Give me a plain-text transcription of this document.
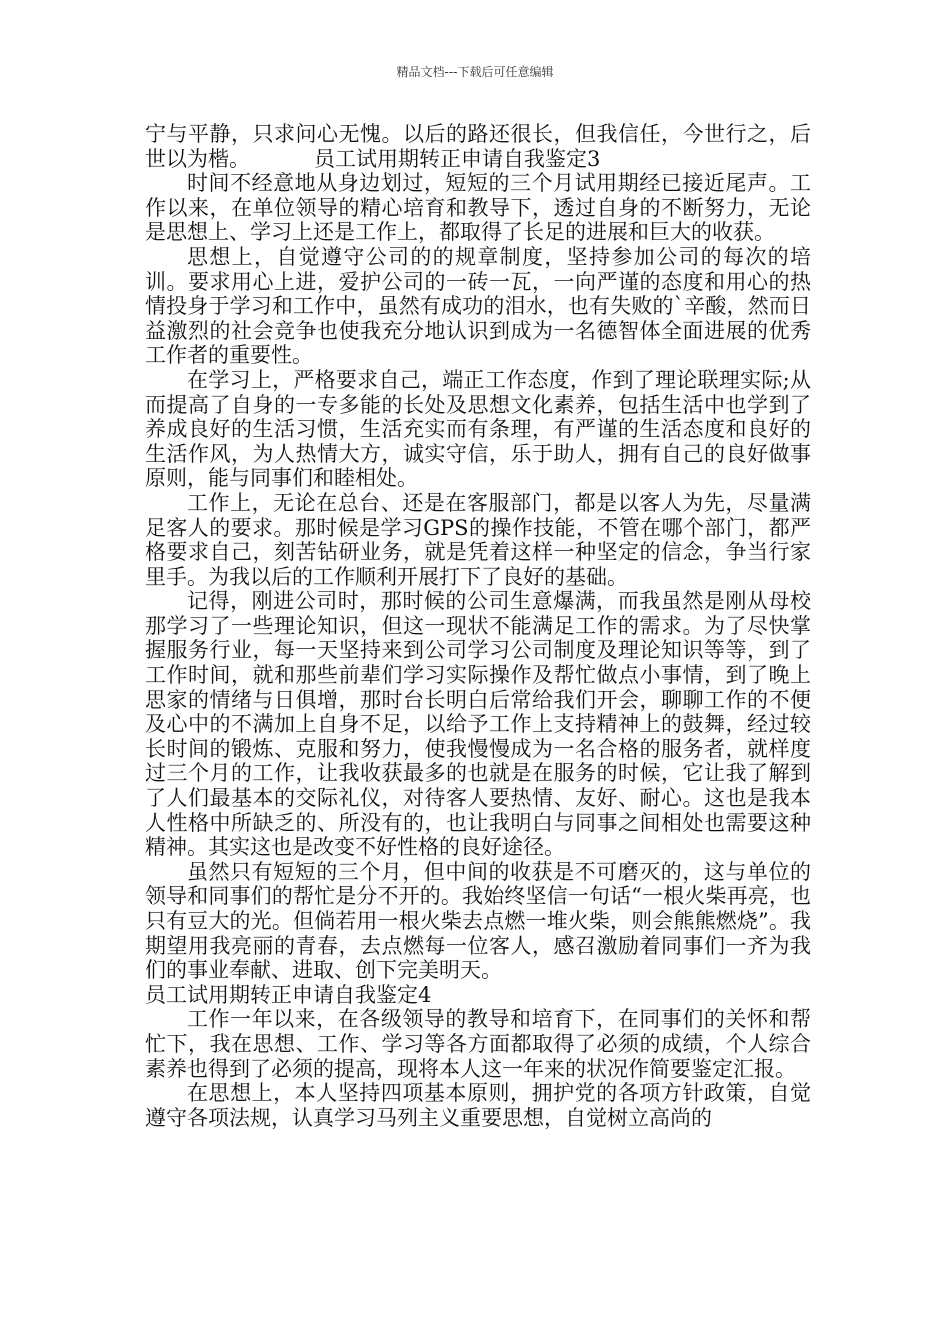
精品文档---下载后可任意编辑

宁与平静，只求问心无愧。以后的路还很长，但我信任，今世行之，后世以为楷。	员工试用期转正申请自我鉴定3

时间不经意地从身边划过，短短的三个月试用期经已接近尾声。工作以来，在单位领导的精心培育和教导下，透过自身的不断努力，无论是思想上、学习上还是工作上，都取得了长足的进展和巨大的收获。

思想上，自觉遵守公司的的规章制度，坚持参加公司的每次的培训。要求用心上进，爱护公司的一砖一瓦，一向严谨的态度和用心的热情投身于学习和工作中，虽然有成功的泪水，也有失败的`辛酸，然而日益激烈的社会竞争也使我充分地认识到成为一名德智体全面进展的优秀工作者的重要性。

在学习上，严格要求自己，端正工作态度，作到了理论联理实际;从而提高了自身的一专多能的长处及思想文化素养，包括生活中也学到了养成良好的生活习惯，生活充实而有条理，有严谨的生活态度和良好的生活作风，为人热情大方，诚实守信，乐于助人，拥有自己的良好做事原则，能与同事们和睦相处。

工作上，无论在总台、还是在客服部门，都是以客人为先，尽量满足客人的要求。那时候是学习GPS的操作技能，不管在哪个部门，都严格要求自己，刻苦钻研业务，就是凭着这样一种坚定的信念，争当行家里手。为我以后的工作顺利开展打下了良好的基础。

记得，刚进公司时，那时候的公司生意爆满，而我虽然是刚从母校那学习了一些理论知识，但这一现状不能满足工作的需求。为了尽快掌握服务行业，每一天坚持来到公司学习公司制度及理论知识等等，到了工作时间，就和那些前辈们学习实际操作及帮忙做点小事情，到了晚上思家的情绪与日俱增，那时台长明白后常给我们开会，聊聊工作的不便及心中的不满加上自身不足，以给予工作上支持精神上的鼓舞，经过较长时间的锻炼、克服和努力，使我慢慢成为一名合格的服务者，就样度过三个月的工作，让我收获最多的也就是在服务的时候，它让我了解到了人们最基本的交际礼仪，对待客人要热情、友好、耐心。这也是我本人性格中所缺乏的、所没有的，也让我明白与同事之间相处也需要这种精神。其实这也是改变不好性格的良好途径。

虽然只有短短的三个月，但中间的收获是不可磨灭的，这与单位的领导和同事们的帮忙是分不开的。我始终坚信一句话“一根火柴再亮，也只有豆大的光。但倘若用一根火柴去点燃一堆火柴，则会熊熊燃烧”。我期望用我亮丽的青春，去点燃每一位客人，感召激励着同事们一齐为我们的事业奉献、进取、创下完美明天。

员工试用期转正申请自我鉴定4

工作一年以来，在各级领导的教导和培育下，在同事们的关怀和帮忙下，我在思想、工作、学习等各方面都取得了必须的成绩，个人综合素养也得到了必须的提高，现将本人这一年来的状况作简要鉴定汇报。

在思想上，本人坚持四项基本原则，拥护党的各项方针政策，自觉遵守各项法规，认真学习马列主义重要思想，自觉树立高尚的
